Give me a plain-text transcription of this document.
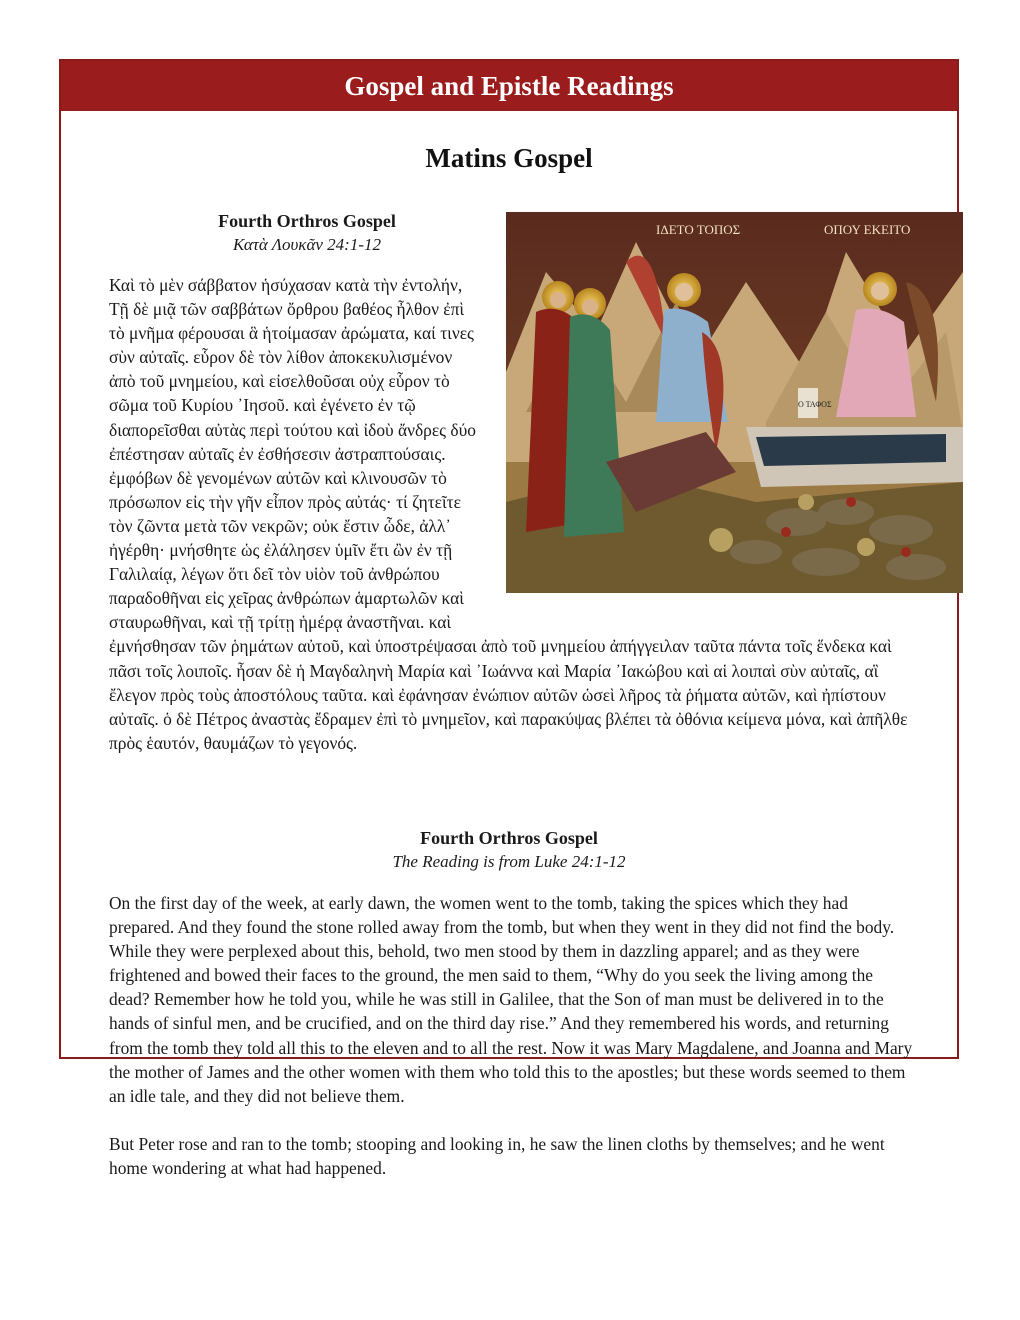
Gospel and Epistle Readings
Matins Gospel
Fourth Orthros Gospel
Κατὰ Λουκᾶν 24:1-12
ΙΔΕΤΟ ΤΟΠΟΣ	ΟΠΟΥ ΕΚΕΙΤΟ
Ο ΤΑΦΟΣ
Καὶ τὸ μὲν σάββατον ἡσύχασαν κατὰ τὴν ἐντολήν, Τῇ δὲ μιᾷ τῶν σαββάτων ὄρθρου βαθέος ἦλθον ἐπὶ τὸ μνῆμα φέρουσαι ἃ ἡτοίμασαν ἀρώματα, καί τινες σὺν αὐταῖς. εὗρον δὲ τὸν λίθον ἀποκεκυλισμένον ἀπὸ τοῦ μνημείου, καὶ εἰσελθοῦσαι οὐχ εὗρον τὸ σῶμα τοῦ Κυρίου ᾿Ιησοῦ. καὶ ἐγένετο ἐν τῷ διαπορεῖσθαι αὐτὰς περὶ τούτου καὶ ἰδοὺ ἄνδρες δύο ἐπέστησαν αὐταῖς ἐν ἐσθήσεσιν ἀστραπτούσαις. ἐμφόβων δὲ γενομένων αὐτῶν καὶ κλινουσῶν τὸ πρόσωπον εἰς τὴν γῆν εἶπον πρὸς αὐτάς· τί ζητεῖτε τὸν ζῶντα μετὰ τῶν νεκρῶν; οὐκ ἔστιν ὧδε, ἀλλ᾿ ἠγέρθη· μνήσθητε ὡς ἐλάλησεν ὑμῖν ἔτι ὢν ἐν τῇ Γαλιλαίᾳ, λέγων ὅτι δεῖ τὸν υἱὸν τοῦ ἀνθρώπου παραδοθῆναι εἰς χεῖρας ἀνθρώπων ἁμαρτωλῶν καὶ σταυρωθῆναι, καὶ τῇ τρίτῃ ἡμέρᾳ ἀναστῆναι. καὶ ἐμνήσθησαν τῶν ῥημάτων αὐτοῦ, καὶ ὑποστρέψασαι ἀπὸ τοῦ μνημείου ἀπήγγειλαν ταῦτα πάντα τοῖς ἕνδεκα καὶ πᾶσι τοῖς λοιποῖς. ἦσαν δὲ ἡ Μαγδαληνὴ Μαρία καὶ ᾿Ιωάννα καὶ Μαρία ᾿Ιακώβου καὶ αἱ λοιπαὶ σὺν αὐταῖς, αἳ ἔλεγον πρὸς τοὺς ἀποστόλους ταῦτα. καὶ ἐφάνησαν ἐνώπιον αὐτῶν ὡσεὶ λῆρος τὰ ῥήματα αὐτῶν, καὶ ἠπίστουν αὐταῖς. ὁ δὲ Πέτρος ἀναστὰς ἔδραμεν ἐπὶ τὸ μνημεῖον, καὶ παρακύψας βλέπει τὰ ὀθόνια κείμενα μόνα, καὶ ἀπῆλθε πρὸς ἑαυτόν, θαυμάζων τὸ γεγονός.
Fourth Orthros Gospel
The Reading is from Luke 24:1-12

On the first day of the week, at early dawn, the women went to the tomb, taking the spices which they had prepared. And they found the stone rolled away from the tomb, but when they went in they did not find the body. While they were perplexed about this, behold, two men stood by them in dazzling apparel; and as they were frightened and bowed their faces to the ground, the men said to them, “Why do you seek the living among the dead? Remember how he told you, while he was still in Galilee, that the Son of man must be delivered in to the hands of sinful men, and be crucified, and on the third day rise.” And they remembered his words, and returning from the tomb they told all this to the eleven and to all the rest. Now it was Mary Magdalene, and Joanna and Mary the mother of James and the other women with them who told this to the apostles; but these words seemed to them an idle tale, and they did not believe them.

But Peter rose and ran to the tomb; stooping and looking in, he saw the linen cloths by themselves; and he went home wondering at what had happened.
